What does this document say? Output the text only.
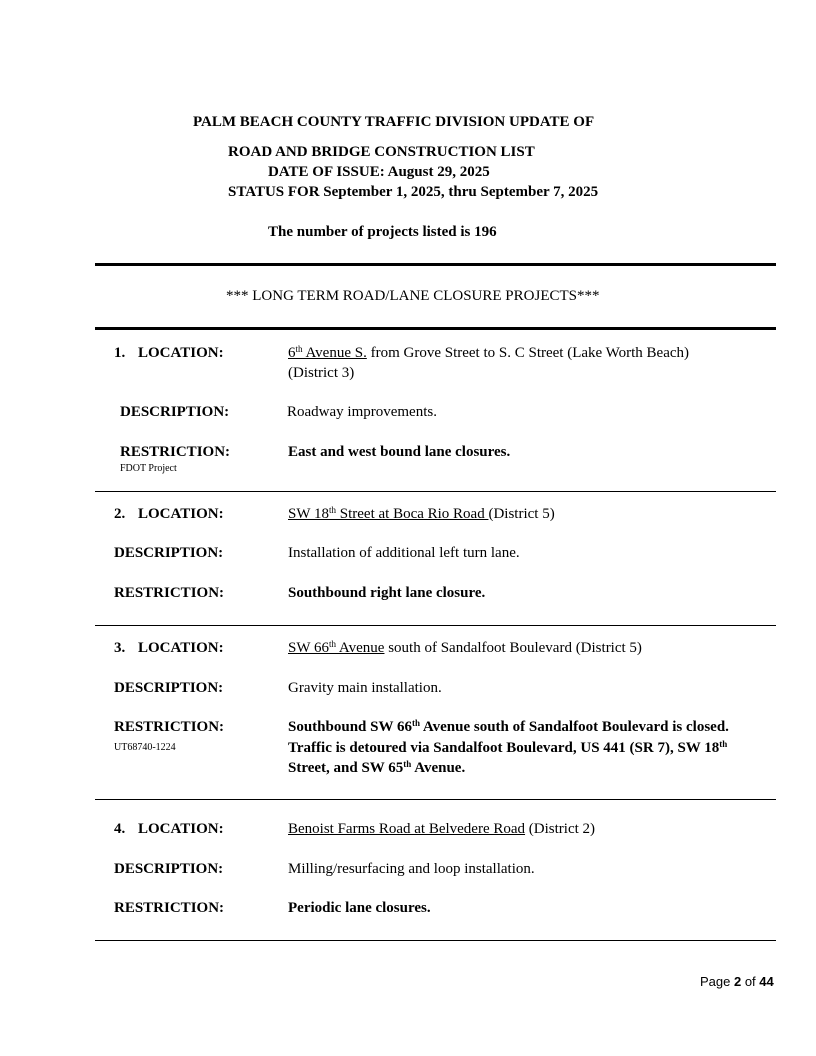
PALM BEACH COUNTY TRAFFIC DIVISION UPDATE OF
ROAD AND BRIDGE CONSTRUCTION LIST
DATE OF ISSUE: August 29, 2025
STATUS FOR September 1, 2025, thru September 7, 2025
The number of projects listed is 196
*** LONG TERM ROAD/LANE CLOSURE PROJECTS***
1. LOCATION:	6th Avenue S. from Grove Street to S. C Street (Lake Worth Beach)
(District 3)
DESCRIPTION:	Roadway improvements.
RESTRICTION:	East and west bound lane closures.
FDOT Project
2. LOCATION:	SW 18th Street at Boca Rio Road (District 5)
DESCRIPTION:	Installation of additional left turn lane.
RESTRICTION:	Southbound right lane closure.
3. LOCATION:	SW 66th Avenue south of Sandalfoot Boulevard (District 5)
DESCRIPTION:	Gravity main installation.
RESTRICTION:	Southbound SW 66th Avenue south of Sandalfoot Boulevard is closed.
Traffic is detoured via Sandalfoot Boulevard, US 441 (SR 7), SW 18th
Street, and SW 65th Avenue.
UT68740-1224
4. LOCATION:	Benoist Farms Road at Belvedere Road (District 2)
DESCRIPTION:	Milling/resurfacing and loop installation.
RESTRICTION:	Periodic lane closures.
Page 2 of 44
